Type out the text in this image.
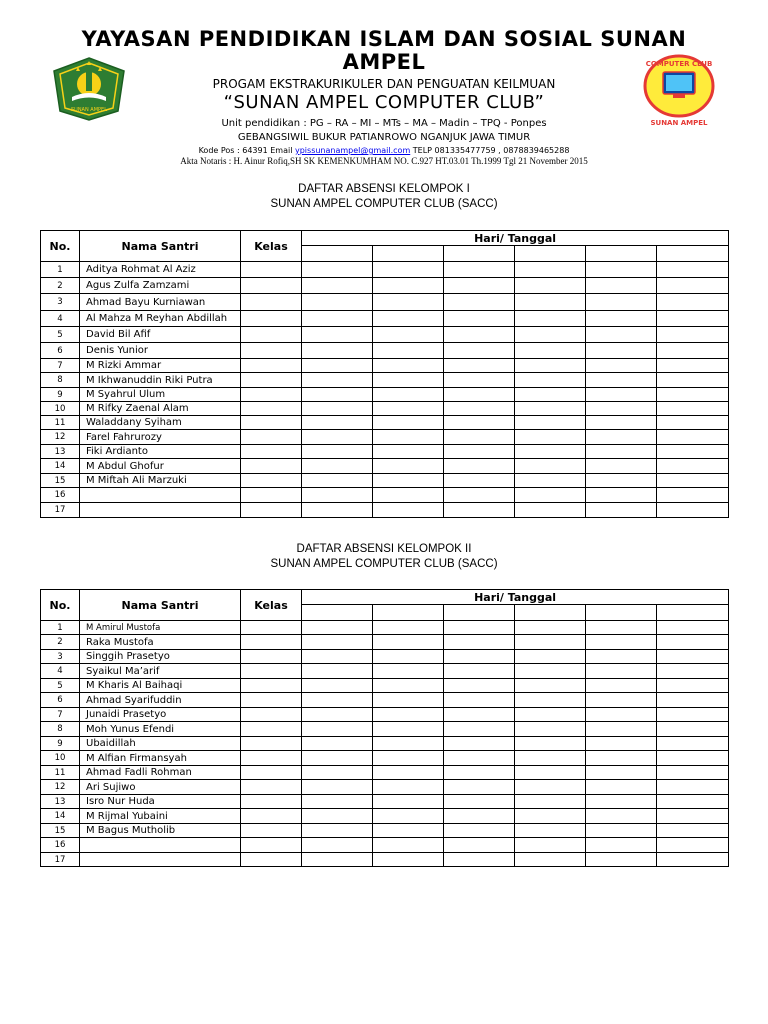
YAYASAN PENDIDIKAN ISLAM DAN SOSIAL SUNAN AMPEL
PROGAM EKSTRAKURIKULER DAN PENGUATAN KEILMUAN
“SUNAN AMPEL COMPUTER CLUB”
Unit pendidikan : PG – RA – MI – MTs – MA – Madin – TPQ - Ponpes
GEBANGSIWIL BUKUR PATIANROWO NGANJUK JAWA TIMUR
Kode Pos : 64391 Email ypissunanampel@gmail.com TELP 081335477759 , 0878839465288
Akta Notaris : H. Ainur Rofiq,SH SK KEMENKUMHAM NO. C.927 HT.03.01 Th.1999 Tgl 21 November 2015
SUNAN AMPEL
COMPUTER CLUB
SUNAN AMPEL
DAFTAR ABSENSI KELOMPOK I
SUNAN AMPEL COMPUTER CLUB (SACC)
No.	Nama Santri	Kelas	Hari/ Tanggal					

1	Aditya Rohmat Al Aziz							
2	Agus Zulfa Zamzami							
3	Ahmad Bayu Kurniawan							
4	Al Mahza M Reyhan Abdillah							
5	David Bil Afif							
6	Denis Yunior							
7	M Rizki Ammar							
8	M Ikhwanuddin Riki Putra							
9	M Syahrul Ulum							
10	M Rifky Zaenal Alam							
11	Waladdany Syiham							
12	Farel Fahrurozy							
13	Fiki Ardianto							
14	M Abdul Ghofur							
15	M Miftah Ali Marzuki							
16								
17								
DAFTAR ABSENSI KELOMPOK II
SUNAN AMPEL COMPUTER CLUB (SACC)
No.	Nama Santri	Kelas	Hari/ Tanggal					

1	M Amirul Mustofa							
2	Raka Mustofa							
3	Singgih Prasetyo							
4	Syaikul Ma’arif							
5	M Kharis Al Baihaqi							
6	Ahmad Syarifuddin							
7	Junaidi Prasetyo							
8	Moh Yunus Efendi							
9	Ubaidillah							
10	M Alfian Firmansyah							
11	Ahmad Fadli Rohman							
12	Ari Sujiwo							
13	Isro Nur Huda							
14	M Rijmal Yubaini							
15	M Bagus Mutholib							
16								
17								
